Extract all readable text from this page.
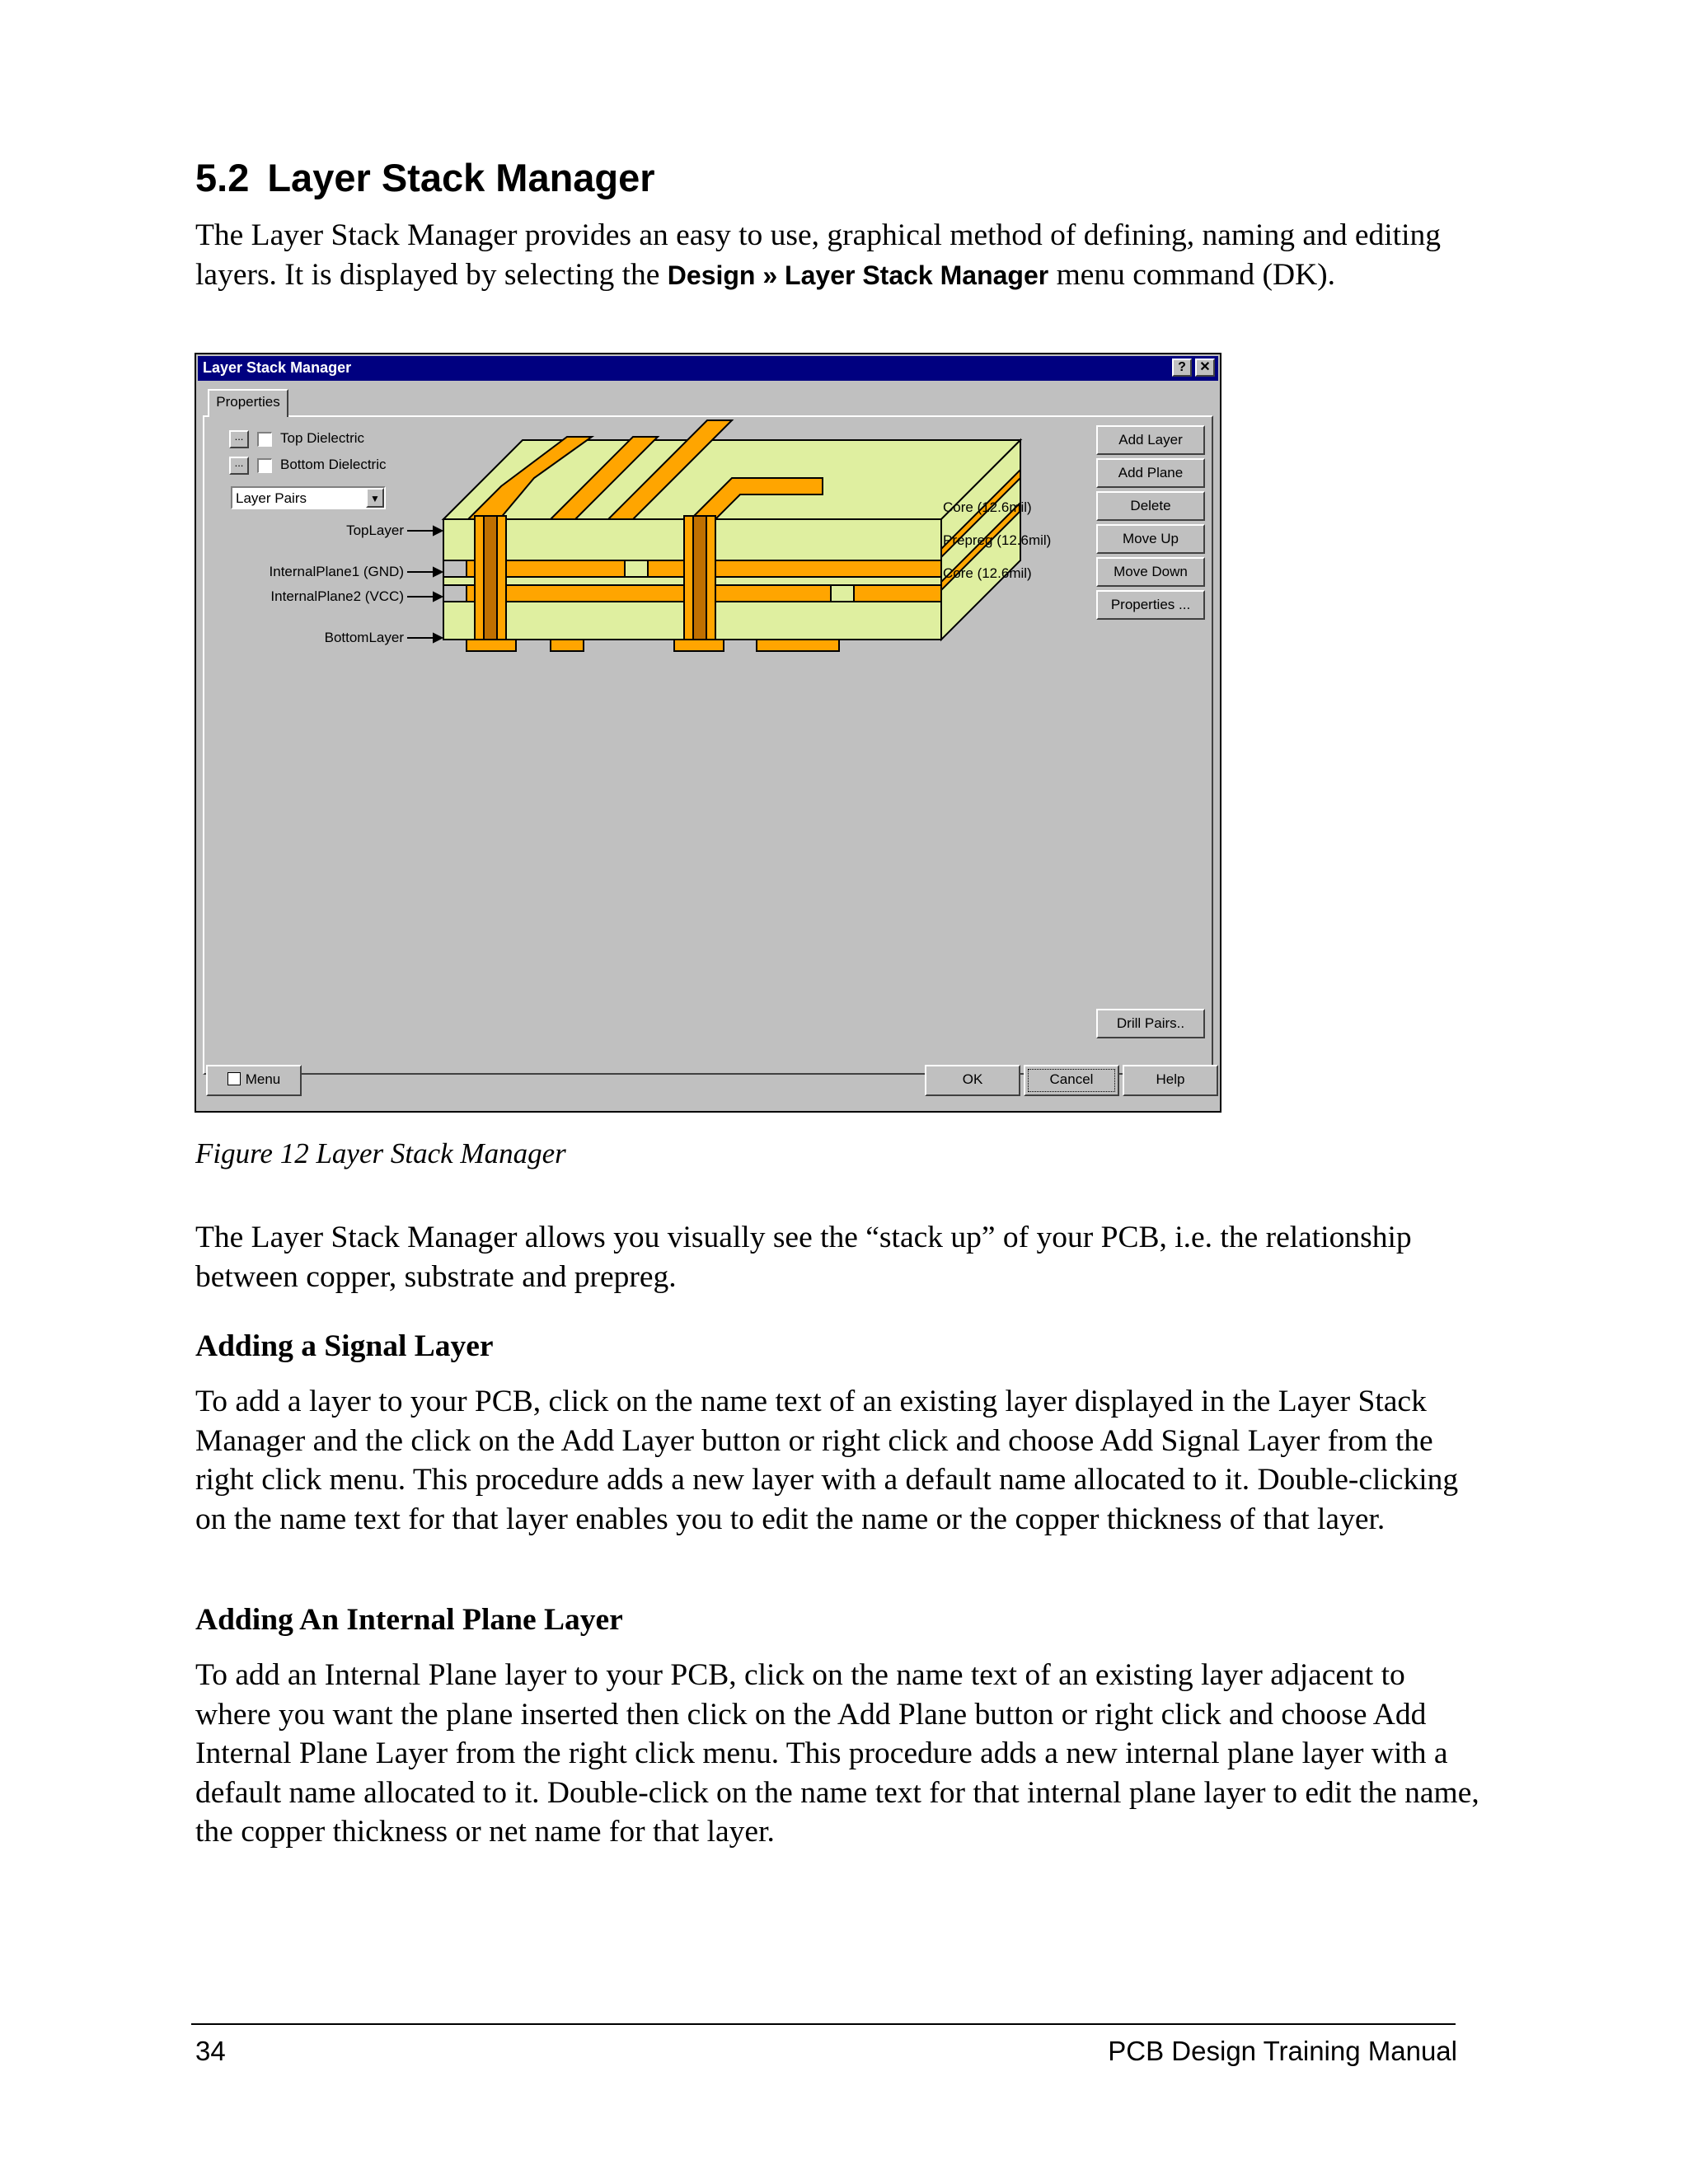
5.2 Layer Stack Manager

The Layer Stack Manager provides an easy to use, graphical method of defining, naming and editing layers. It is displayed by selecting the Design » Layer Stack Manager menu command (DK).

Layer Stack Manager	?	✕
Properties
...	Top Dielectric
...	Bottom Dielectric
Layer Pairs	▼
TopLayer
InternalPlane1 (GND)
InternalPlane2 (VCC)
BottomLayer
Core (12.6mil)
Prepreg (12.6mil)
Core (12.6mil)
Add Layer
Add Plane
Delete
Move Up
Move Down
Properties ...
Drill Pairs..
Menu	OK	Cancel	Help

Figure 12 Layer Stack Manager

The Layer Stack Manager allows you visually see the “stack up” of your PCB, i.e. the relationship between copper, substrate and prepreg.

Adding a Signal Layer

To add a layer to your PCB, click on the name text of an existing layer displayed in the Layer Stack Manager and the click on the Add Layer button or right click and choose Add Signal Layer from the right click menu. This procedure adds a new layer with a default name allocated to it. Double-clicking on the name text for that layer enables you to edit the name or the copper thickness of that layer.

Adding An Internal Plane Layer

To add an Internal Plane layer to your PCB, click on the name text of an existing layer adjacent to where you want the plane inserted then click on the Add Plane button or right click and choose Add Internal Plane Layer from the right click menu. This procedure adds a new internal plane layer with a default name allocated to it. Double-click on the name text for that internal plane layer to edit the name, the copper thickness or net name for that layer.

34	PCB Design Training Manual
